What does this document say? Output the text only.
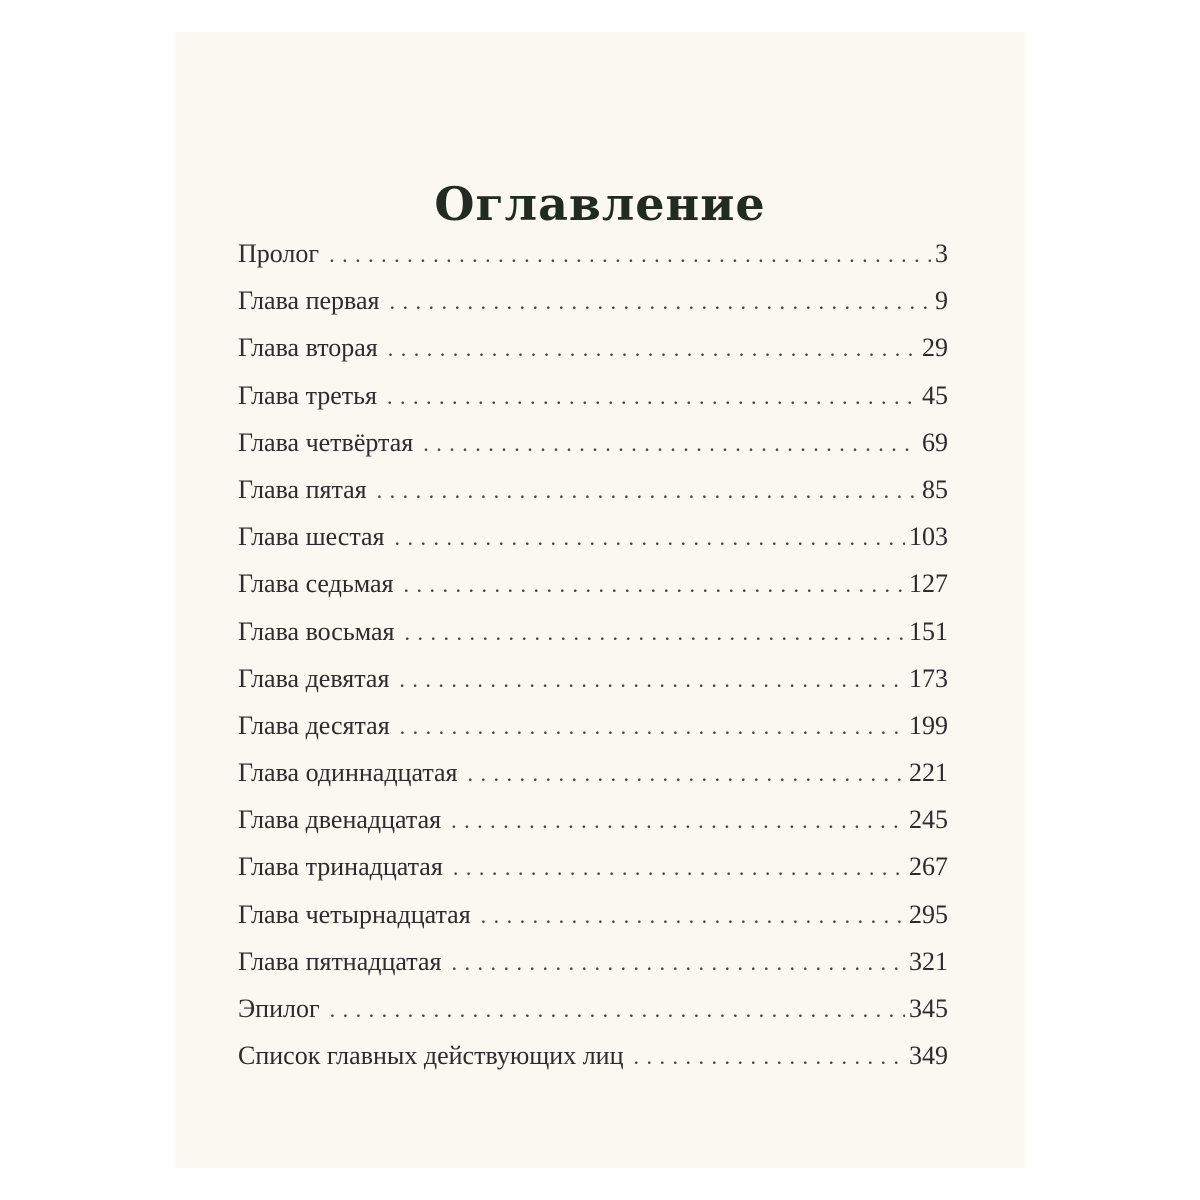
Оглавление
Пролог . . .	3
Глава первая . . .	9
Глава вторая . . .	29
Глава третья . . .	45
Глава четвёртая . . .	69
Глава пятая . . .	85
Глава шестая . . .	103
Глава седьмая . . .	127
Глава восьмая . . .	151
Глава девятая . . .	173
Глава десятая . . .	199
Глава одиннадцатая . . .	221
Глава двенадцатая . . .	245
Глава тринадцатая . . .	267
Глава четырнадцатая . . .	295
Глава пятнадцатая . . .	321
Эпилог . . .	345
Список главных действующих лиц . . .	349
